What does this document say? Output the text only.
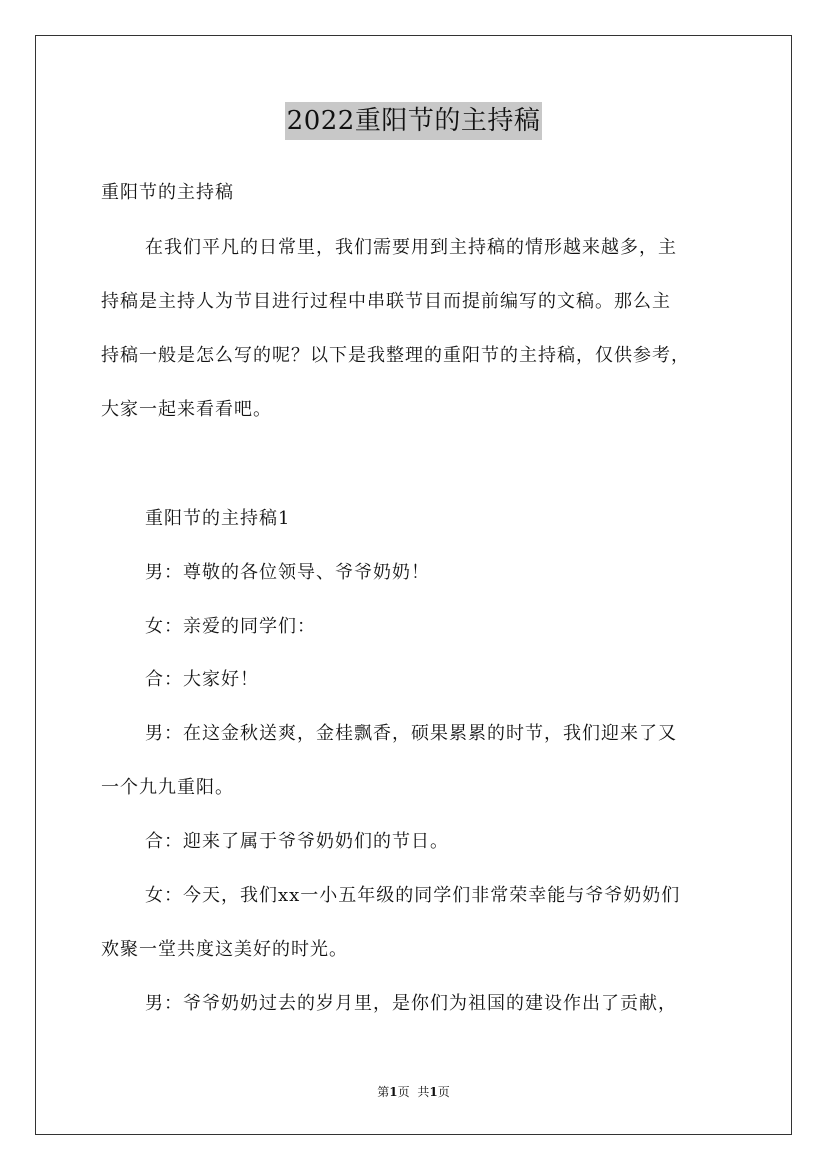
2022重阳节的主持稿
重阳节的主持稿
在我们平凡的日常里，我们需要用到主持稿的情形越来越多，主
持稿是主持人为节目进行过程中串联节目而提前编写的文稿。那么主
持稿一般是怎么写的呢？以下是我整理的重阳节的主持稿，仅供参考，
大家一起来看看吧。
重阳节的主持稿1
男：尊敬的各位领导、爷爷奶奶！
女：亲爱的同学们：
合：大家好！
男：在这金秋送爽，金桂飘香，硕果累累的时节，我们迎来了又
一个九九重阳。
合：迎来了属于爷爷奶奶们的节日。
女：今天，我们xx一小五年级的同学们非常荣幸能与爷爷奶奶们
欢聚一堂共度这美好的时光。
男：爷爷奶奶过去的岁月里，是你们为祖国的建设作出了贡献，
第1页 共1页
